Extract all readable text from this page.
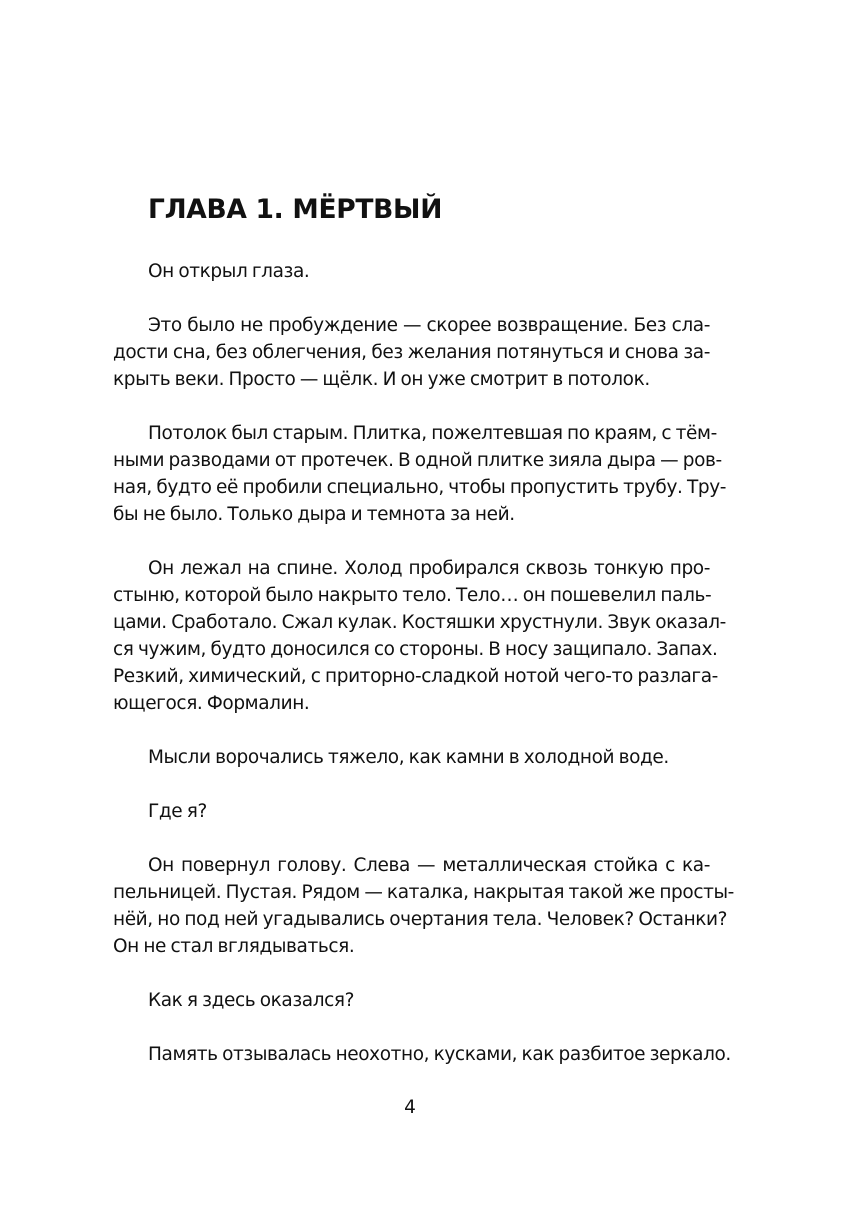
ГЛАВА 1. МЁРТВЫЙ
Он открыл глаза.
Это было не пробуждение — скорее возвращение. Без сла-
дости сна, без облегчения, без желания потянуться и снова за-
крыть веки. Просто — щёлк. И он уже смотрит в потолок.
Потолок был старым. Плитка, пожелтевшая по краям, с тём-
ными разводами от протечек. В одной плитке зияла дыра — ров-
ная, будто её пробили специально, чтобы пропустить трубу. Тру-
бы не было. Только дыра и темнота за ней.
Он лежал на спине. Холод пробирался сквозь тонкую про-
стыню, которой было накрыто тело. Тело… он пошевелил паль-
цами. Сработало. Сжал кулак. Костяшки хрустнули. Звук оказал-
ся чужим, будто доносился со стороны. В носу защипало. Запах.
Резкий, химический, с приторно-сладкой нотой чего-то разлага-
ющегося. Формалин.
Мысли ворочались тяжело, как камни в холодной воде.
Где я?
Он повернул голову. Слева — металлическая стойка с ка-
пельницей. Пустая. Рядом — каталка, накрытая такой же просты-
нёй, но под ней угадывались очертания тела. Человек? Останки?
Он не стал вглядываться.
Как я здесь оказался?
Память отзывалась неохотно, кусками, как разбитое зеркало.
4
